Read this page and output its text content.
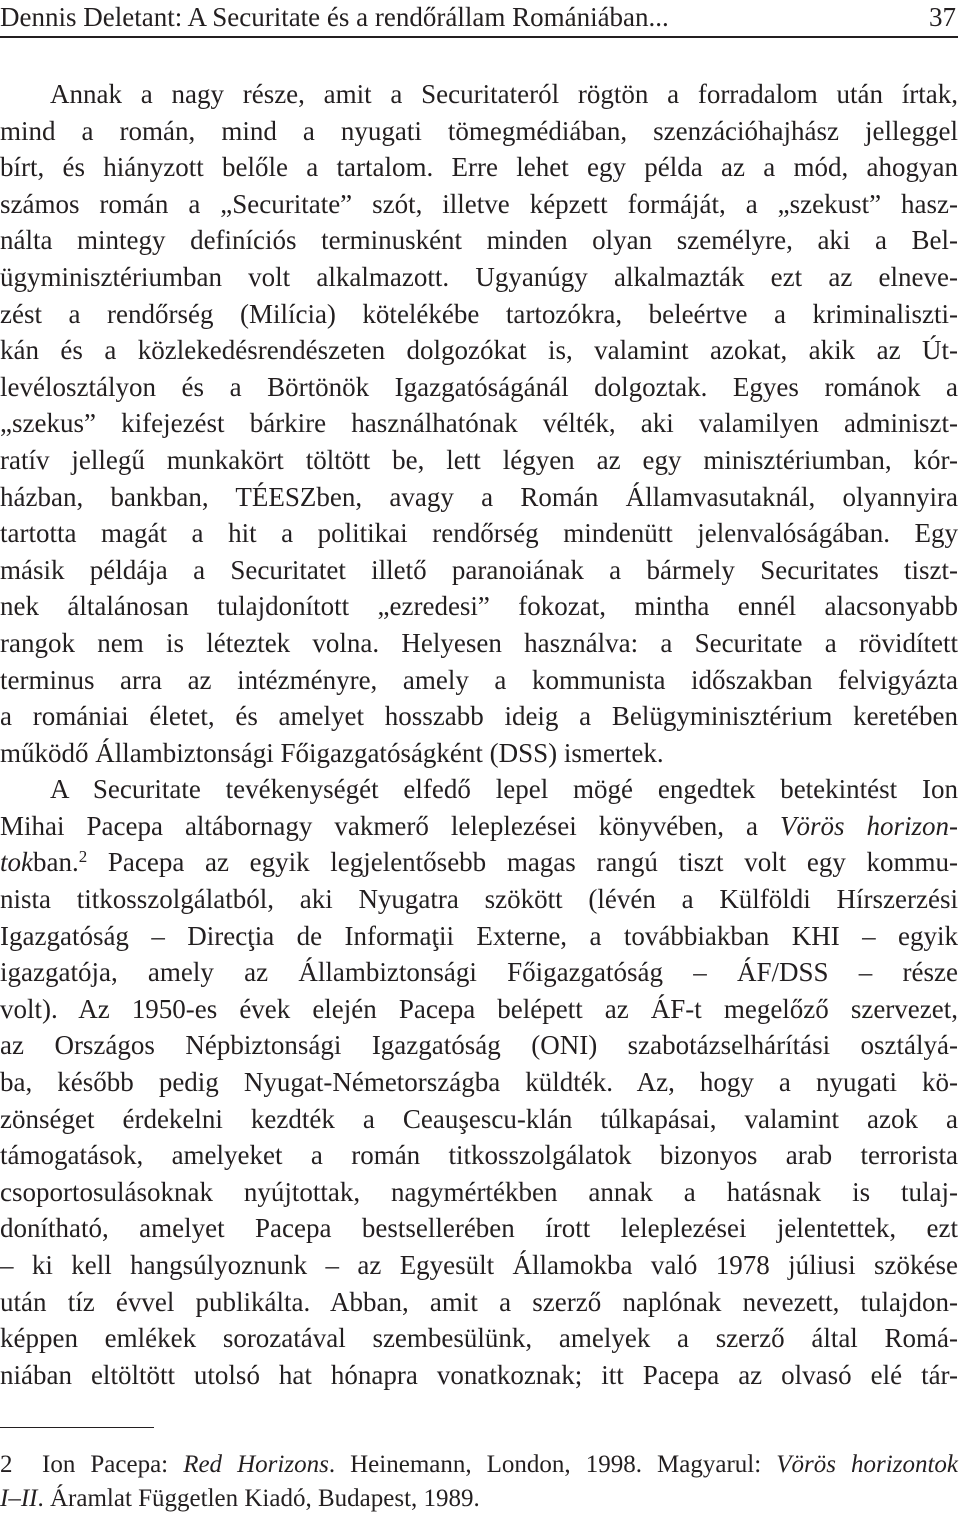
Dennis Deletant: A Securitate és a rendőrállam Romániában...	37
Annak a nagy része, amit a Securitateról rögtön a forradalom után írtak,
mind a román, mind a nyugati tömegmédiában, szenzációhajhász jelleggel
bírt, és hiányzott belőle a tartalom. Erre lehet egy példa az a mód, ahogyan
számos román a „Securitate” szót, illetve képzett formáját, a „szekust” hasz-
nálta mintegy definíciós terminusként minden olyan személyre, aki a Bel-
ügyminisztériumban volt alkalmazott. Ugyanúgy alkalmazták ezt az elneve-
zést a rendőrség (Milícia) kötelékébe tartozókra, beleértve a kriminaliszti-
kán és a közlekedésrendészeten dolgozókat is, valamint azokat, akik az Út-
levélosztályon és a Börtönök Igazgatóságánál dolgoztak. Egyes románok a
„szekus” kifejezést bárkire használhatónak vélték, aki valamilyen adminiszt-
ratív jellegű munkakört töltött be, lett légyen az egy minisztériumban, kór-
házban, bankban, TÉESZben, avagy a Román Államvasutaknál, olyannyira
tartotta magát a hit a politikai rendőrség mindenütt jelenvalóságában. Egy
másik példája a Securitatet illető paranoiának a bármely Securitates tiszt-
nek általánosan tulajdonított „ezredesi” fokozat, mintha ennél alacsonyabb
rangok nem is léteztek volna. Helyesen használva: a Securitate a rövidített
terminus arra az intézményre, amely a kommunista időszakban felvigyázta
a romániai életet, és amelyet hosszabb ideig a Belügyminisztérium keretében
működő Állambiztonsági Főigazgatóságként (DSS) ismertek.
A Securitate tevékenységét elfedő lepel mögé engedtek betekintést Ion
Mihai Pacepa altábornagy vakmerő leleplezései könyvében, a Vörös horizon-
tokban.$^2$ Pacepa az egyik legjelentősebb magas rangú tiszt volt egy kommu-
nista titkosszolgálatból, aki Nyugatra szökött (lévén a Külföldi Hírszerzési
Igazgatóság – Direcţia de Informaţii Externe, a továbbiakban KHI – egyik
igazgatója, amely az Állambiztonsági Főigazgatóság – ÁF/DSS – része
volt). Az 1950-es évek elején Pacepa belépett az ÁF-t megelőző szervezet,
az Országos Népbiztonsági Igazgatóság (ONI) szabotázselhárítási osztályá-
ba, később pedig Nyugat-Németországba küldték. Az, hogy a nyugati kö-
zönséget érdekelni kezdték a Ceauşescu-klán túlkapásai, valamint azok a
támogatások, amelyeket a román titkosszolgálatok bizonyos arab terrorista
csoportosulásoknak nyújtottak, nagymértékben annak a hatásnak is tulaj-
donítható, amelyet Pacepa bestsellerében írott leleplezései jelentettek, ezt
– ki kell hangsúlyoznunk – az Egyesült Államokba való 1978 júliusi szökése
után tíz évvel publikálta. Abban, amit a szerző naplónak nevezett, tulajdon-
képpen emlékek sorozatával szembesülünk, amelyek a szerző által Romá-
niában eltöltött utolsó hat hónapra vonatkoznak; itt Pacepa az olvasó elé tár-
2 Ion Pacepa: Red Horizons. Heinemann, London, 1998. Magyarul: Vörös horizontok
I–II. Áramlat Független Kiadó, Budapest, 1989.
